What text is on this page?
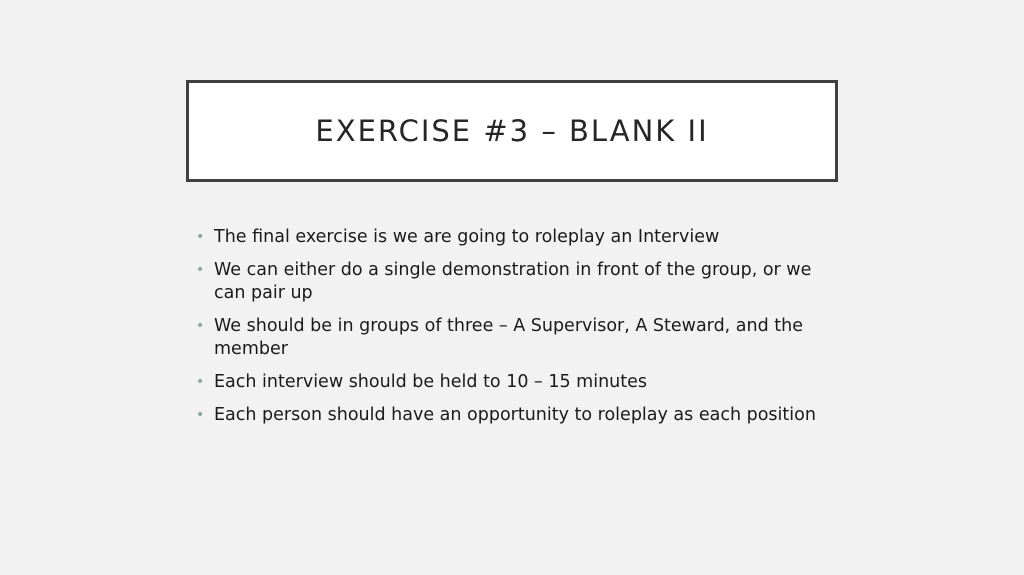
EXERCISE #3 – BLANK II
• The final exercise is we are going to roleplay an Interview
• We can either do a single demonstration in front of the group, or we can pair up
• We should be in groups of three – A Supervisor, A Steward, and the member
• Each interview should be held to 10 – 15 minutes
• Each person should have an opportunity to roleplay as each position
